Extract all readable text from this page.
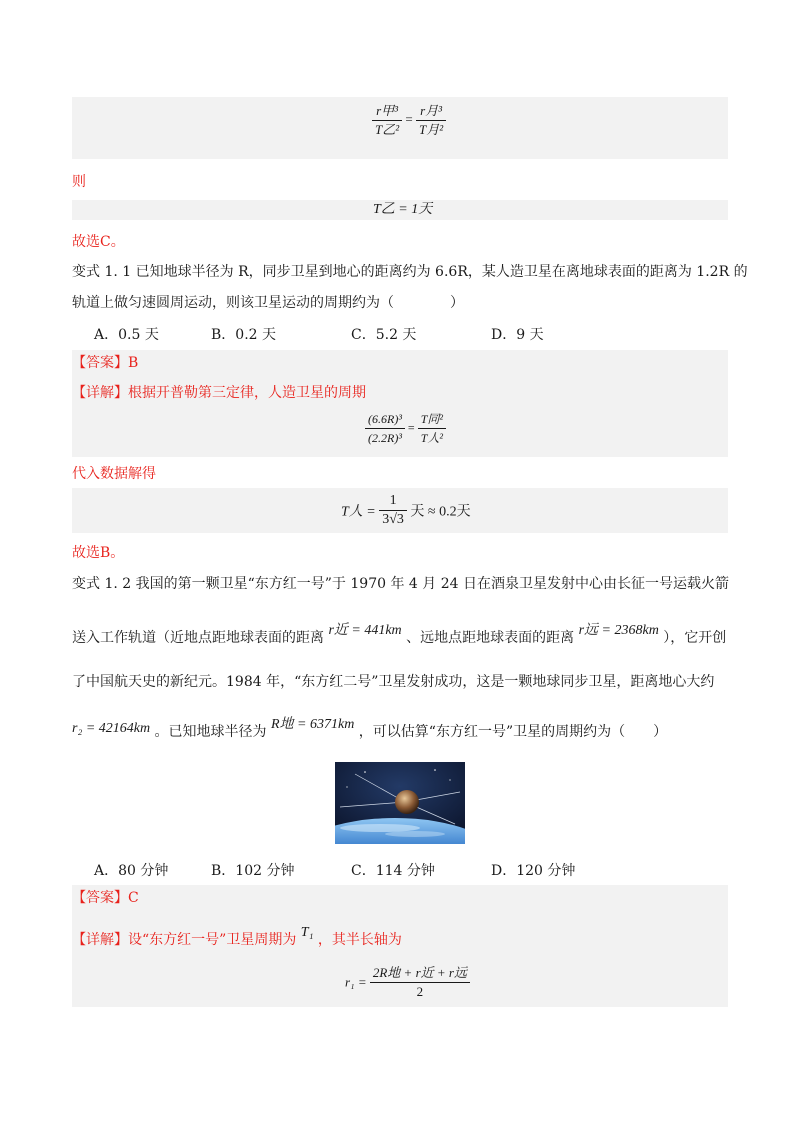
$\frac{\text{r甲³}}{\text{T乙²}} = \frac{\text{r月³}}{\text{T月²}}$
则
T乙 = 1天
故选C。
变式 1. 1 已知地球半径为 R，同步卫星到地心的距离约为 6.6R，某人造卫星在离地球表面的距离为 1.2R 的
轨道上做匀速圆周运动，则该卫星运动的周期约为（　　　　）
A．0.5 天	B．0.2 天	C．5.2 天	D．9 天
【答案】B
【详解】根据开普勒第三定律，人造卫星的周期
$\frac{\text{(6.6R)³}}{\text{(2.2R)³}} = \frac{\text{T同²}}{\text{T人²}}$
代入数据解得
T人 = $\frac{1}{3√3}$ 天 ≈ 0.2天
故选B。
变式 1. 2 我国的第一颗卫星“东方红一号”于 1970 年 4 月 24 日在酒泉卫星发射中心由长征一号运载火箭
送入工作轨道（近地点距地球表面的距离 r近 = 441km 、远地点距地球表面的距离 r远 = 2368km ），它开创
了中国航天史的新纪元。1984 年，“东方红二号”卫星发射成功，这是一颗地球同步卫星，距离地心大约
r₂ = 42164km 。已知地球半径为 R地 = 6371km ，可以估算“东方红一号”卫星的周期约为（　　）
A．80 分钟	B．102 分钟	C．114 分钟	D．120 分钟
【答案】C
【详解】设“东方红一号”卫星周期为 T₁ ，其半长轴为
$r_1 = \frac{\text{2R地 + r近 + r远}}{2}$
